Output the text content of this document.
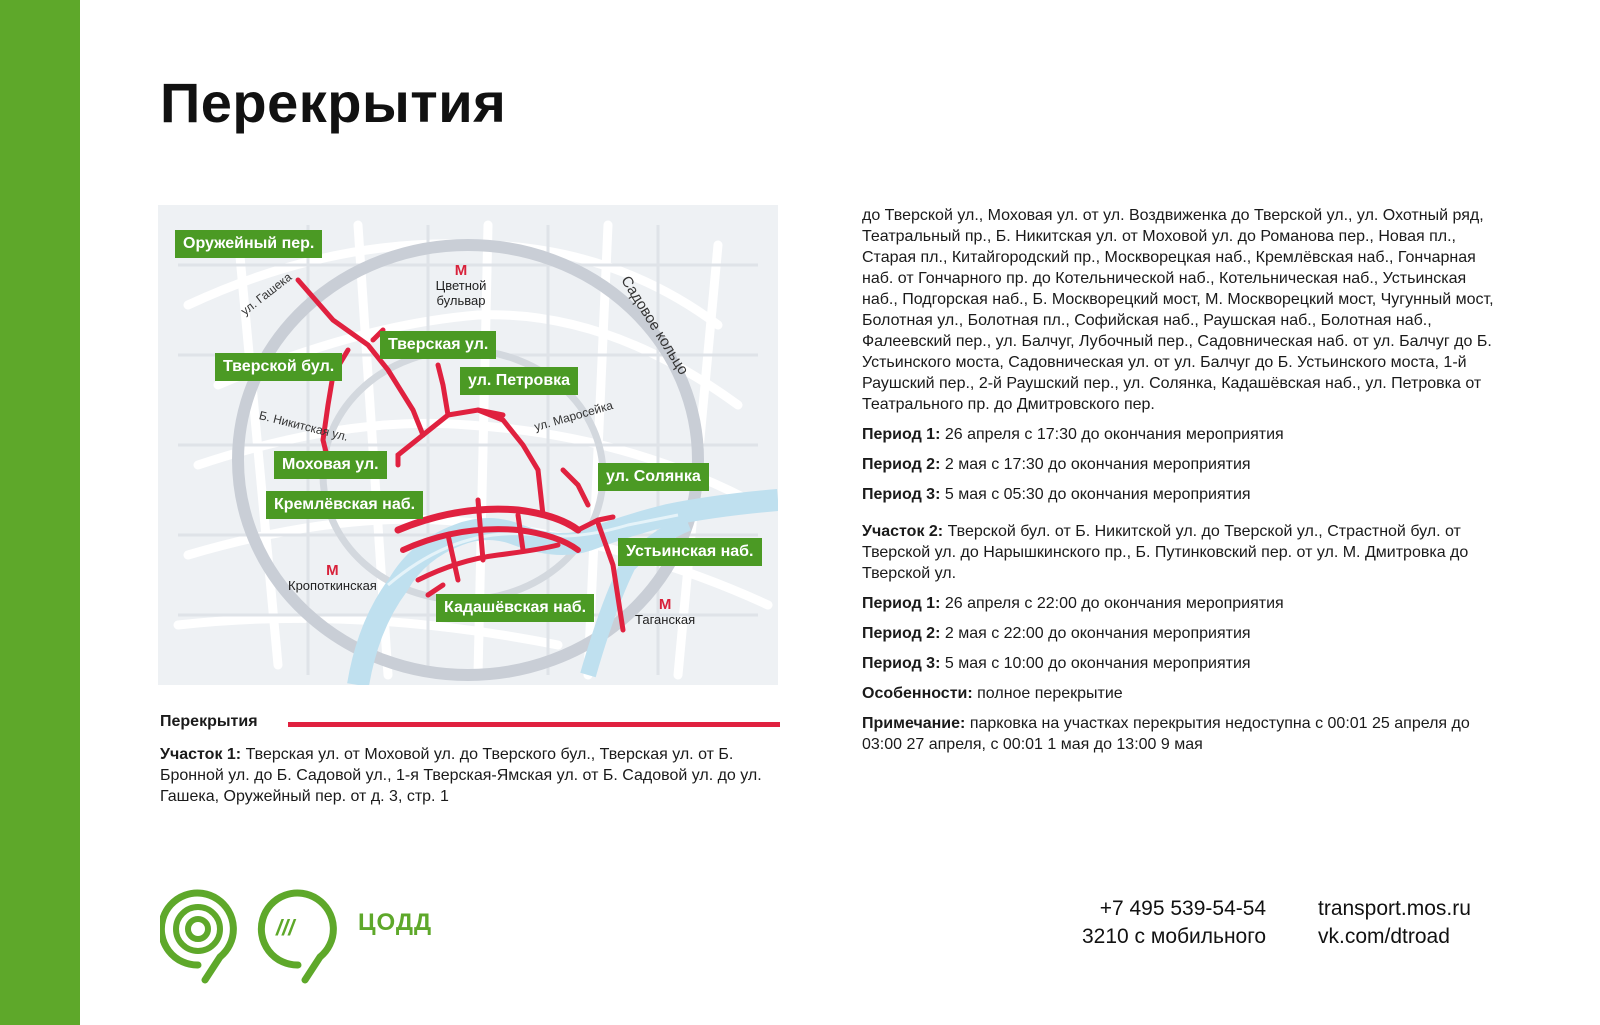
Перекрытия
Оружейный пер.
Тверская ул.
Тверской бул.
ул. Петровка
Моховая ул.
ул. Солянка
Кремлёвская наб.
Устьинская наб.
Кадашёвская наб.
ул. Гашека
Б. Никитская ул.	ул. Маросейка
Садовое кольцо
M
Цветной бульвар
M
Кропоткинская
M
Таганская
Перекрытия
Участок 1: Тверская ул. от Моховой ул. до Тверского бул., Тверская ул. от Б. Бронной ул. до Б. Садовой ул., 1-я Тверская-Ямская ул. от Б. Садовой ул. до ул. Гашека, Оружейный пер. от д. 3, стр. 1

до Тверской ул., Моховая ул. от ул. Воздвиженка до Тверской ул., ул. Охотный ряд, Театральный пр., Б. Никитская ул. от Моховой ул. до Романова пер., Новая пл., Старая пл., Китайгородский пр., Москворецкая наб., Кремлёвская наб., Гончарная наб. от Гончарного пр. до Котельнической наб., Котельническая наб., Устьинская наб., Подгорская наб., Б. Москворецкий мост, М. Москворецкий мост, Чугунный мост, Болотная ул., Болотная пл., Софийская наб., Раушская наб., Болотная наб., Фалеевский пер., ул. Балчуг, Лубочный пер., Садовническая наб. от ул. Балчуг до Б. Устьинского моста, Садовническая ул. от ул. Балчуг до Б. Устьинского моста, 1-й Раушский пер., 2-й Раушский пер., ул. Солянка, Кадашёвская наб., ул. Петровка от Театрального пр. до Дмитровского пер.

Период 1: 26 апреля с 17:30 до окончания мероприятия

Период 2: 2 мая с 17:30 до окончания мероприятия

Период 3: 5 мая с 05:30 до окончания мероприятия

Участок 2: Тверской бул. от Б. Никитской ул. до Тверской ул., Страстной бул. от Тверской ул. до Нарышкинского пр., Б. Путинковский пер. от ул. М. Дмитровка до Тверской ул.

Период 1: 26 апреля с 22:00 до окончания мероприятия

Период 2: 2 мая с 22:00 до окончания мероприятия

Период 3: 5 мая с 10:00 до окончания мероприятия

Особенности: полное перекрытие

Примечание: парковка на участках перекрытия недоступна с 00:01 25 апреля до 03:00 27 апреля, с 00:01 1 мая до 13:00 9 мая

///	ЦОДД
+7 495 539-54-54
3210 с мобильного
transport.mos.ru
vk.com/dtroad
